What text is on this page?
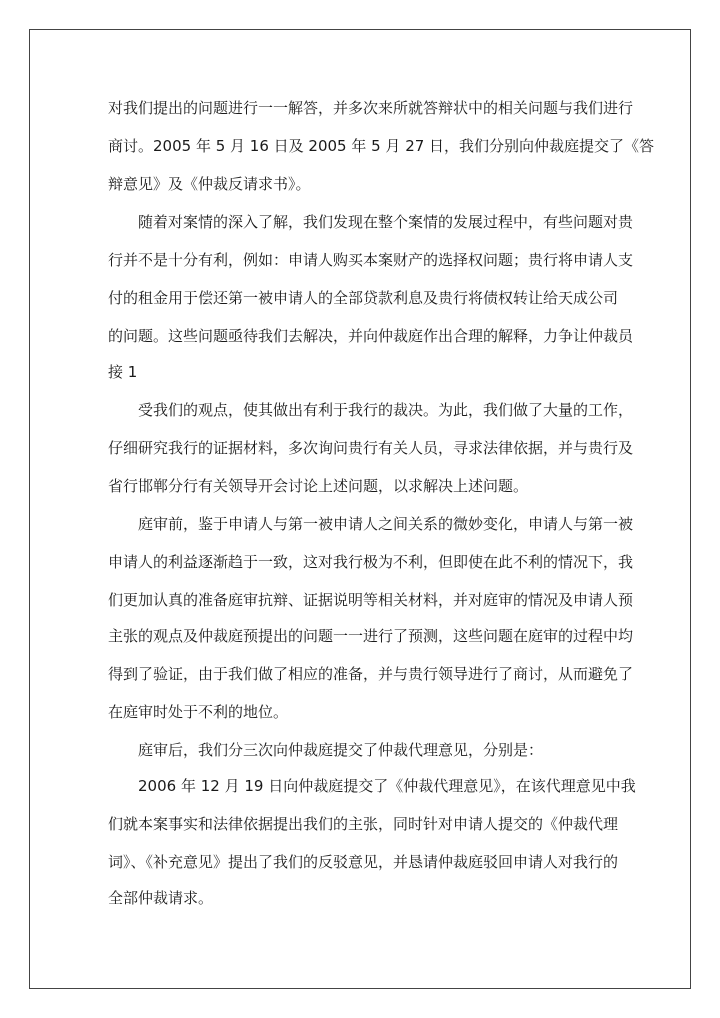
对我们提出的问题进行一一解答，并多次来所就答辩状中的相关问题与我们进行
商讨。2005 年 5 月 16 日及 2005 年 5 月 27 日，我们分别向仲裁庭提交了《答
辩意见》及《仲裁反请求书》。
随着对案情的深入了解，我们发现在整个案情的发展过程中，有些问题对贵
行并不是十分有利，例如：申请人购买本案财产的选择权问题；贵行将申请人支
付的租金用于偿还第一被申请人的全部贷款利息及贵行将债权转让给天成公司
的问题。这些问题亟待我们去解决，并向仲裁庭作出合理的解释，力争让仲裁员
接 1
受我们的观点，使其做出有利于我行的裁决。为此，我们做了大量的工作，
仔细研究我行的证据材料，多次询问贵行有关人员，寻求法律依据，并与贵行及
省行邯郸分行有关领导开会讨论上述问题，以求解决上述问题。
庭审前，鉴于申请人与第一被申请人之间关系的微妙变化，申请人与第一被
申请人的利益逐渐趋于一致，这对我行极为不利，但即使在此不利的情况下，我
们更加认真的准备庭审抗辩、证据说明等相关材料，并对庭审的情况及申请人预
主张的观点及仲裁庭预提出的问题一一进行了预测，这些问题在庭审的过程中均
得到了验证，由于我们做了相应的准备，并与贵行领导进行了商讨，从而避免了
在庭审时处于不利的地位。
庭审后，我们分三次向仲裁庭提交了仲裁代理意见，分别是：
2006 年 12 月 19 日向仲裁庭提交了《仲裁代理意见》，在该代理意见中我
们就本案事实和法律依据提出我们的主张，同时针对申请人提交的《仲裁代理
词》、《补充意见》提出了我们的反驳意见，并恳请仲裁庭驳回申请人对我行的
全部仲裁请求。
